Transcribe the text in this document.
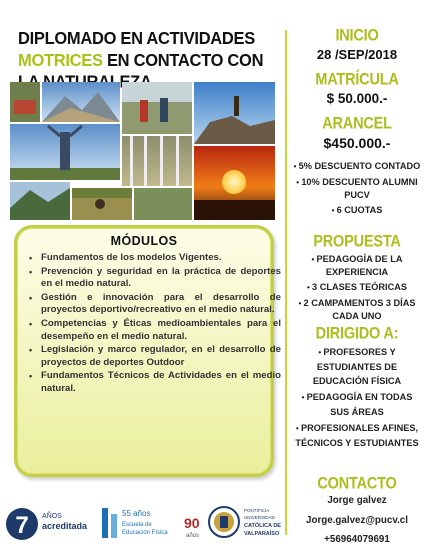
DIPLOMADO EN ACTIVIDADES
MOTRICES EN CONTACTO CON
MÓDULOS
• Fundamentos de los modelos Vigentes.
• Prevención y seguridad en la práctica de deportes en el medio natural.
• Gestión e innovación para el desarrollo de proyectos deportivo/recreativo en el medio natural.
• Competencias y Éticas medioambientales para el desempeño en el medio natural.
• Legislación y marco regulador, en el desarrollo de proyectos de deportes Outdoor
• Fundamentos Técnicos de Actividades en el medio natural.
INICIO
28 /SEP/2018
MATRÍCULA
$ 50.000.-
ARANCEL
$450.000.-
• 5% DESCUENTO CONTADO
• 10% DESCUENTO ALUMNI PUCV
• 6 CUOTAS
PROPUESTA
• PEDAGOGÍA DE LA EXPERIENCIA
• 3 CLASES TEÓRICAS
• 2 CAMPAMENTOS 3 DÍAS CADA UNO
DIRIGIDO A:
• PROFESORES Y ESTUDIANTES DE EDUCACIÓN FÍSICA
• PEDAGOGÍA EN TODAS SUS ÁREAS
• PROFESIONALES AFINES, TÉCNICOS Y ESTUDIANTES
CONTACTO
Jorge galvez
Jorge.galvez@pucv.cl
+56964079691
7 AÑOS
acreditada
55 años
Escuela de
Educación Física
90
años
PONTIFICIA
UNIVERSIDAD
CATÓLICA DE
VALPARAÍSO
